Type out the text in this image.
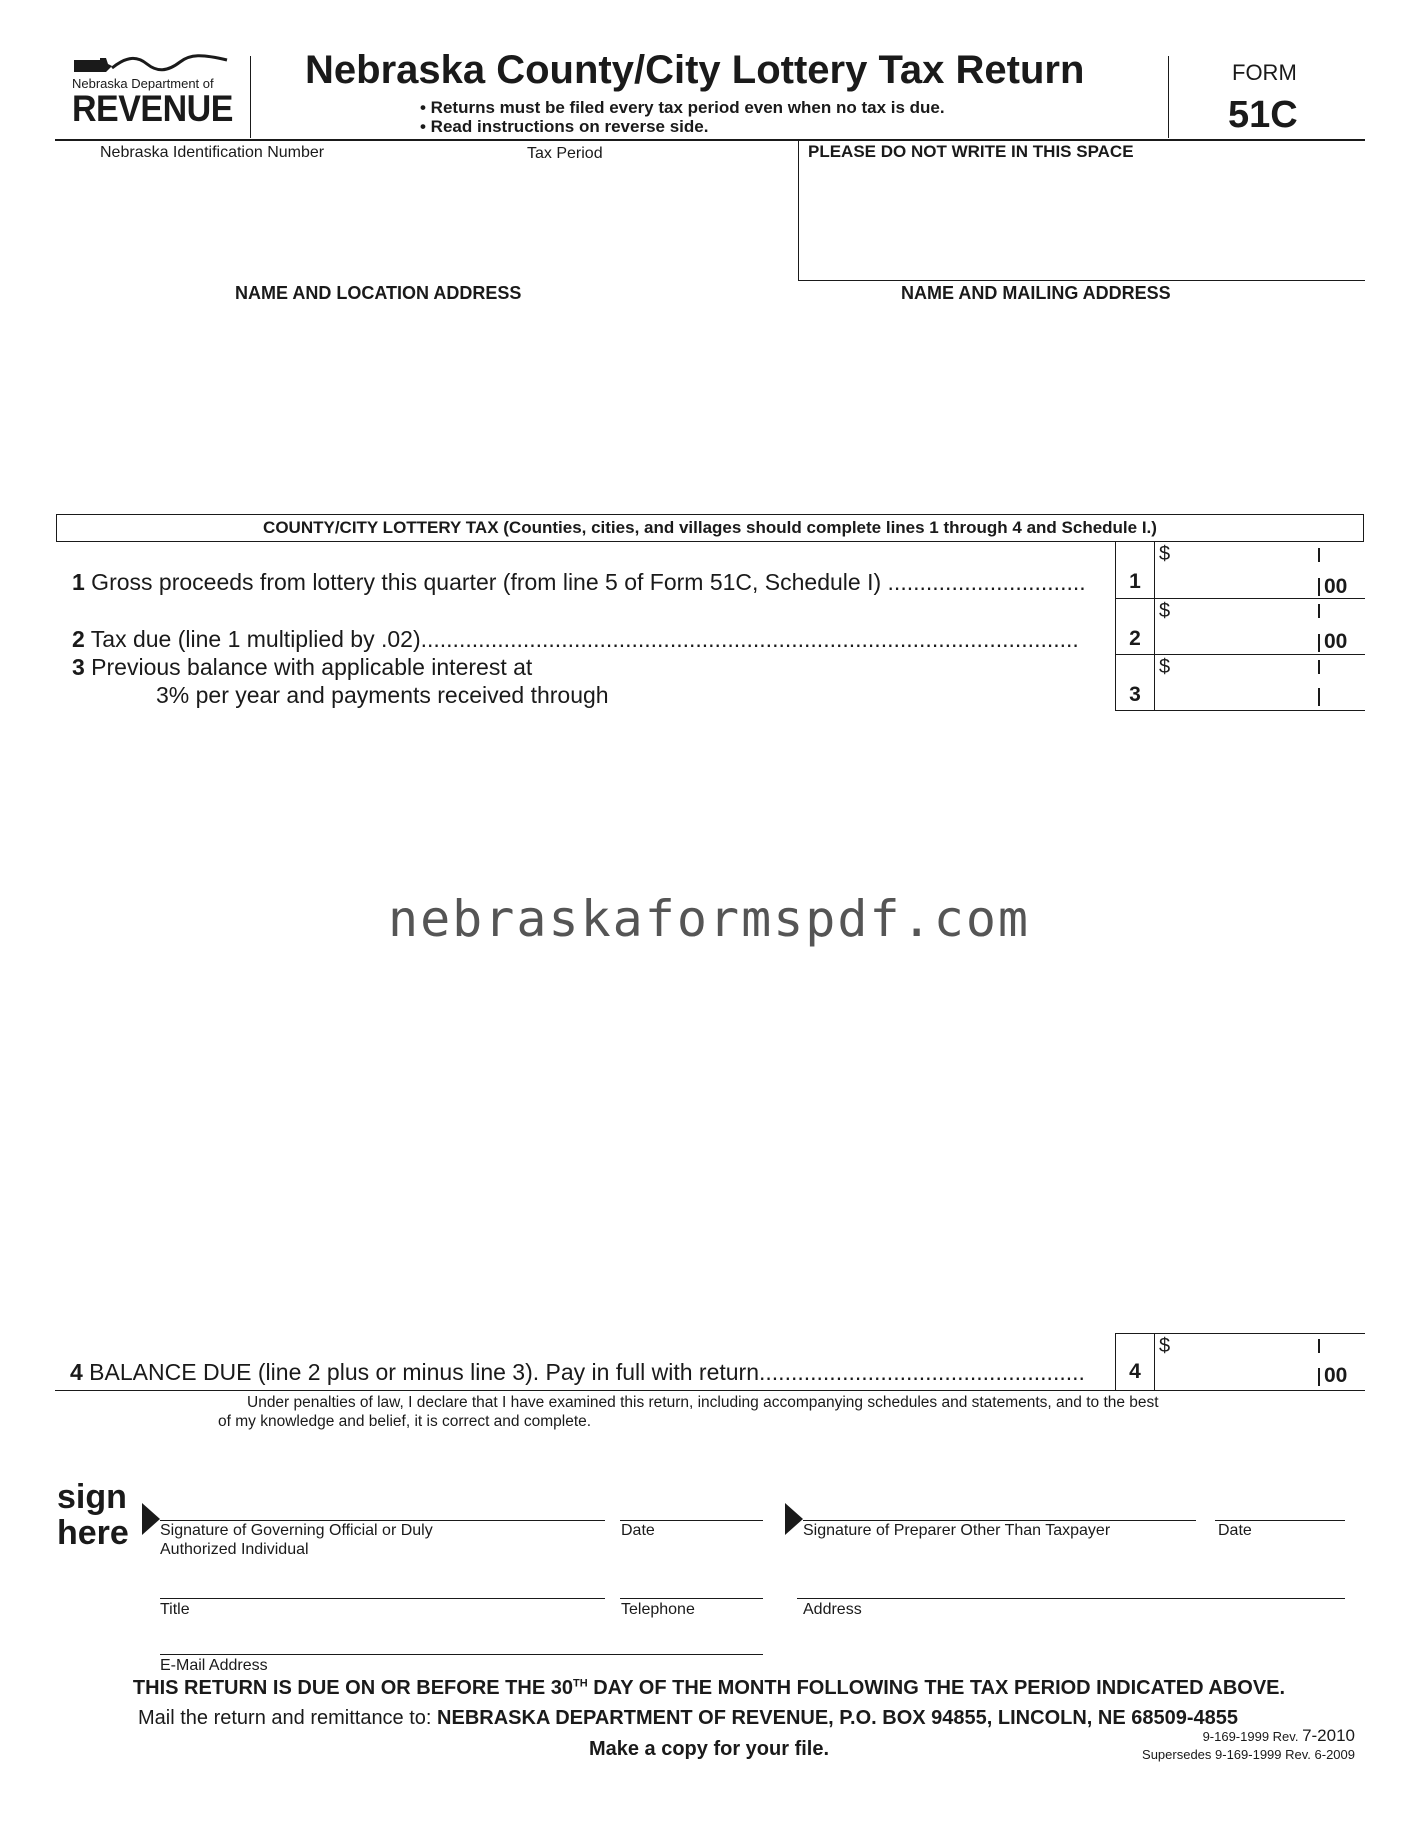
Nebraska Department of
REVENUE
Nebraska County/City Lottery Tax Return
• Returns must be filed every tax period even when no tax is due.
• Read instructions on reverse side.
FORM
51C
Nebraska Identification Number	Tax Period	PLEASE DO NOT WRITE IN THIS SPACE
NAME AND LOCATION ADDRESS	NAME AND MAILING ADDRESS
COUNTY/CITY LOTTERY TAX (Counties, cities, and villages should complete lines 1 through 4 and Schedule I.)
1 Gross proceeds from lottery this quarter (from line 5 of Form 51C, Schedule I) ...............................	1
$
00
2 Tax due (line 1 multiplied by .02).......................................................................................................	2
$
00
3 Previous balance with applicable interest at
3% per year and payments received through	3
$
nebraskaformspdf.com
4 BALANCE DUE (line 2 plus or minus line 3). Pay in full with return...................................................	4
$
00
Under penalties of law, I declare that I have examined this return, including accompanying schedules and statements, and to the best
of my knowledge and belief, it is correct and complete.
sign
here Signature of Governing Official or Duly
Authorized Individual
Date	Signature of Preparer Other Than Taxpayer	Date
Title	Telephone	Address
E-Mail Address
THIS RETURN IS DUE ON OR BEFORE THE 30TH DAY OF THE MONTH FOLLOWING THE TAX PERIOD INDICATED ABOVE.
Mail the return and remittance to: NEBRASKA DEPARTMENT OF REVENUE, P.O. BOX 94855, LINCOLN, NE 68509-4855
Make a copy for your file.
9-169-1999 Rev. 7-2010
Supersedes 9-169-1999 Rev. 6-2009
